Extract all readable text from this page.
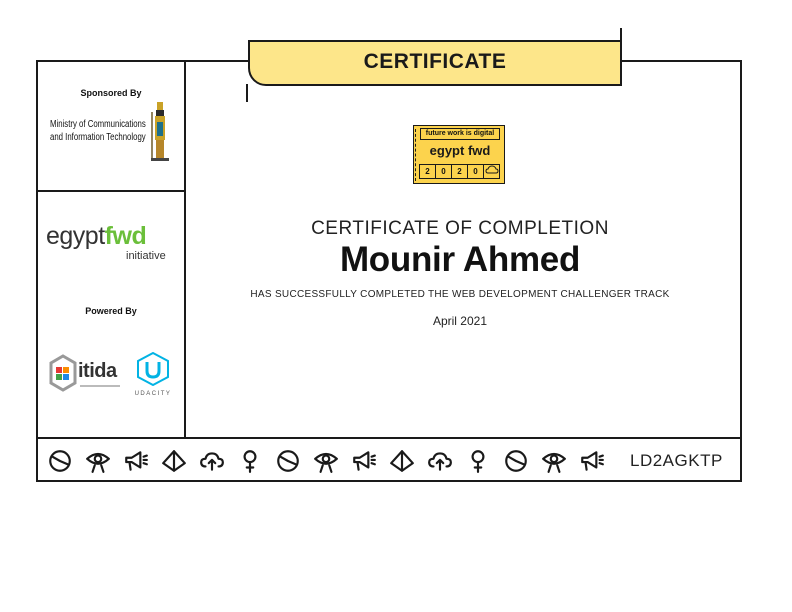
CERTIFICATE
Sponsored By
Ministry of Communications
and Information Technology
egyptfwd
initiative
Powered By
itida
UDACITY
future work is digital
egypt fwd
2	0	2	0
CERTIFICATE OF COMPLETION
Mounir Ahmed
HAS SUCCESSFULLY COMPLETED THE WEB DEVELOPMENT CHALLENGER TRACK
April 2021
LD2AGKTP
